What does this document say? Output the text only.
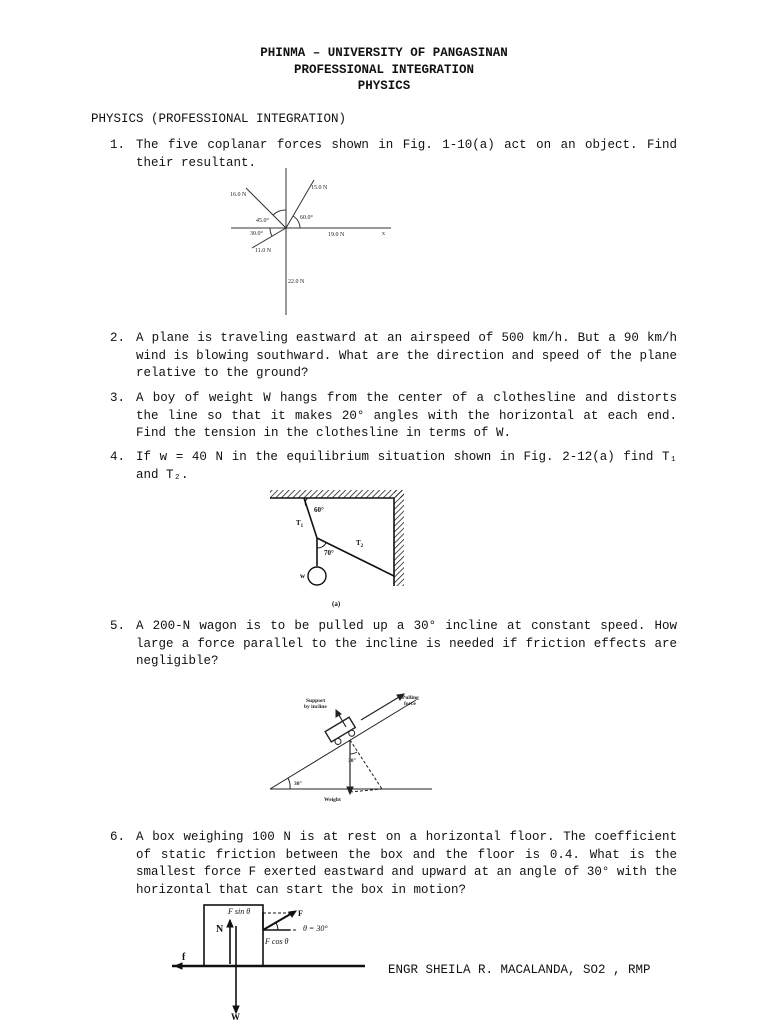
PHINMA – UNIVERSITY OF PANGASINAN
PROFESSIONAL INTEGRATION
PHYSICS
PHYSICS (PROFESSIONAL INTEGRATION)
1. The five coplanar forces shown in Fig. 1-10(a) act on an object. Find their resultant.
16.0 N
15.0 N
19.0 N
11.0 N
22.0 N
45.0°	60.0°
30.0°	x
2. A plane is traveling eastward at an airspeed of 500 km/h. But a 90 km/h wind is blowing southward. What are the direction and speed of the plane relative to the ground?
3. A boy of weight W hangs from the center of a clothesline and distorts the line so that it makes 20° angles with the horizontal at each end. Find the tension in the clothesline in terms of W.
4. If w = 40 N in the equilibrium situation shown in Fig. 2-12(a) find T₁ and T₂.
60°
70°
$T_1$
$T_2$
w
(a)
5. A 200-N wagon is to be pulled up a 30° incline at constant speed. How large a force parallel to the incline is needed if friction effects are negligible?
Support
by incline
Pulling
force
30°
30°
Weight
6. A box weighing 100 N is at rest on a horizontal floor. The coefficient of static friction between the box and the floor is 0.4. What is the smallest force F exerted eastward and upward at an angle of 30° with the horizontal that can start the box in motion?
F sin θ
F cos θ
F
θ = 30°
N
f
W
ENGR SHEILA R. MACALANDA, SO2 , RMP
